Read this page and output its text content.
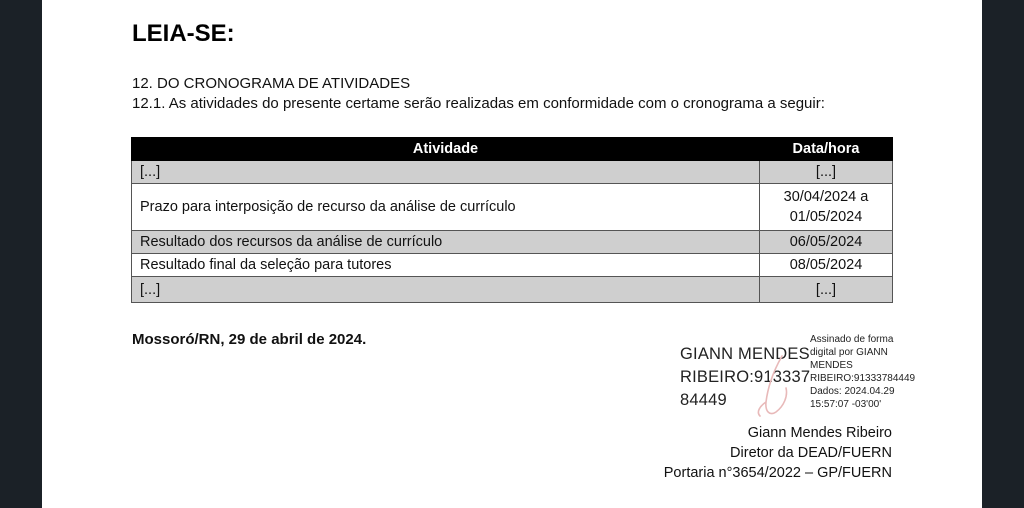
LEIA-SE:
12. DO CRONOGRAMA DE ATIVIDADES
12.1. As atividades do presente certame serão realizadas em conformidade com o cronograma a seguir:
Atividade	Data/hora
[...]	[...]

Prazo para interposição de recurso da análise de currículo	30/04/2024 a
01/05/2024

Resultado dos recursos da análise de currículo	06/05/2024

Resultado final da seleção para tutores	08/05/2024

[...]	[...]
Mossoró/RN, 29 de abril de 2024.
GIANN MENDES
RIBEIRO:913337
84449
Assinado de forma
digital por GIANN
MENDES
RIBEIRO:91333784449
Dados: 2024.04.29
15:57:07 -03'00'
Giann Mendes Ribeiro
Diretor da DEAD/FUERN
Portaria n°3654/2022 – GP/FUERN
